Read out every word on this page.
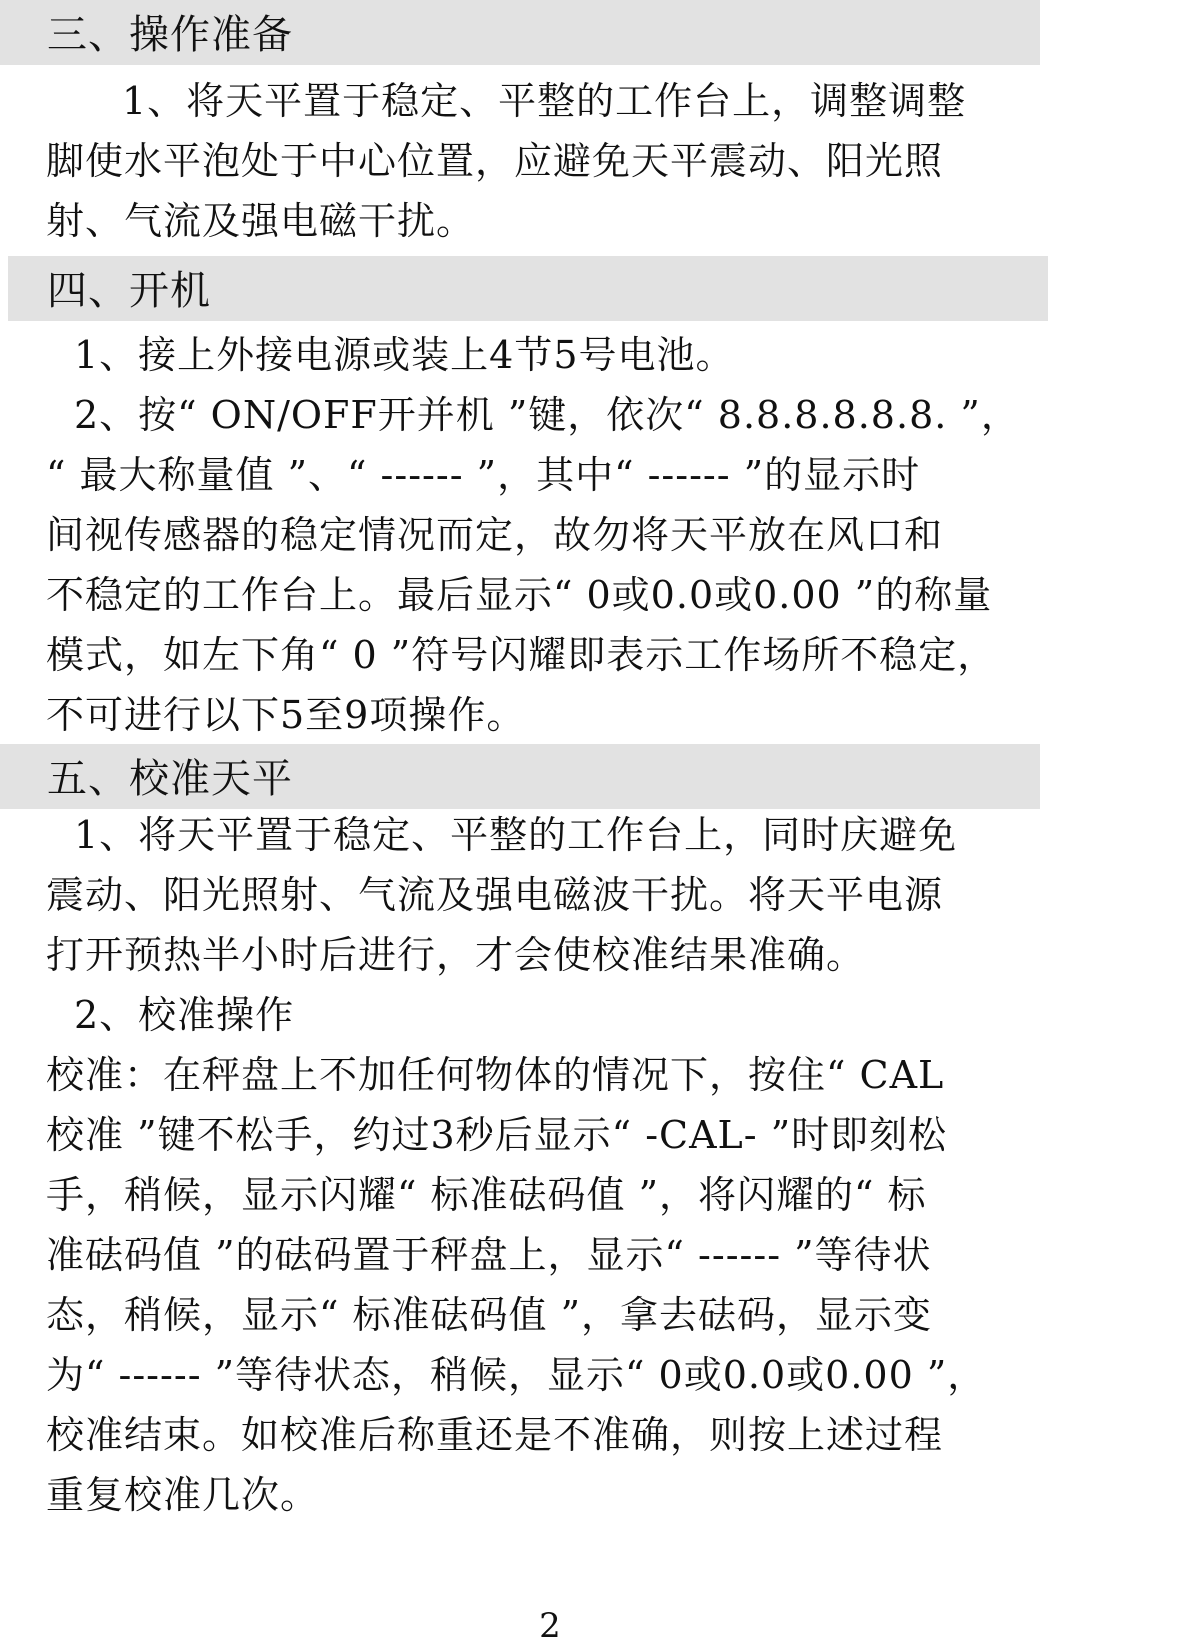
三、操作准备
1、将天平置于稳定、平整的工作台上，调整调整
脚使水平泡处于中心位置，应避免天平震动、阳光照
射、气流及强电磁干扰。
四、开机
1、接上外接电源或装上4节5号电池。
2、按“ ON/OFF开并机 ”键，依次“ 8.8.8.8.8.8. ”，
“ 最大称量值 ”、“ ------ ”，其中“ ------ ”的显示时
间视传感器的稳定情况而定，故勿将天平放在风口和
不稳定的工作台上。最后显示“ 0或0.0或0.00 ”的称量
模式，如左下角“ 0 ”符号闪耀即表示工作场所不稳定，
不可进行以下5至9项操作。
五、校准天平
1、将天平置于稳定、平整的工作台上，同时庆避免
震动、阳光照射、气流及强电磁波干扰。将天平电源
打开预热半小时后进行，才会使校准结果准确。
2、校准操作
校准：在秤盘上不加任何物体的情况下，按住“ CAL
校准 ”键不松手，约过3秒后显示“ -CAL- ”时即刻松
手，稍候，显示闪耀“ 标准砝码值 ”，将闪耀的“ 标
准砝码值 ”的砝码置于秤盘上，显示“ ------ ”等待状
态，稍候，显示“ 标准砝码值 ”，拿去砝码，显示变
为“ ------ ”等待状态，稍候，显示“ 0或0.0或0.00 ”，
校准结束。如校准后称重还是不准确，则按上述过程
重复校准几次。
2
